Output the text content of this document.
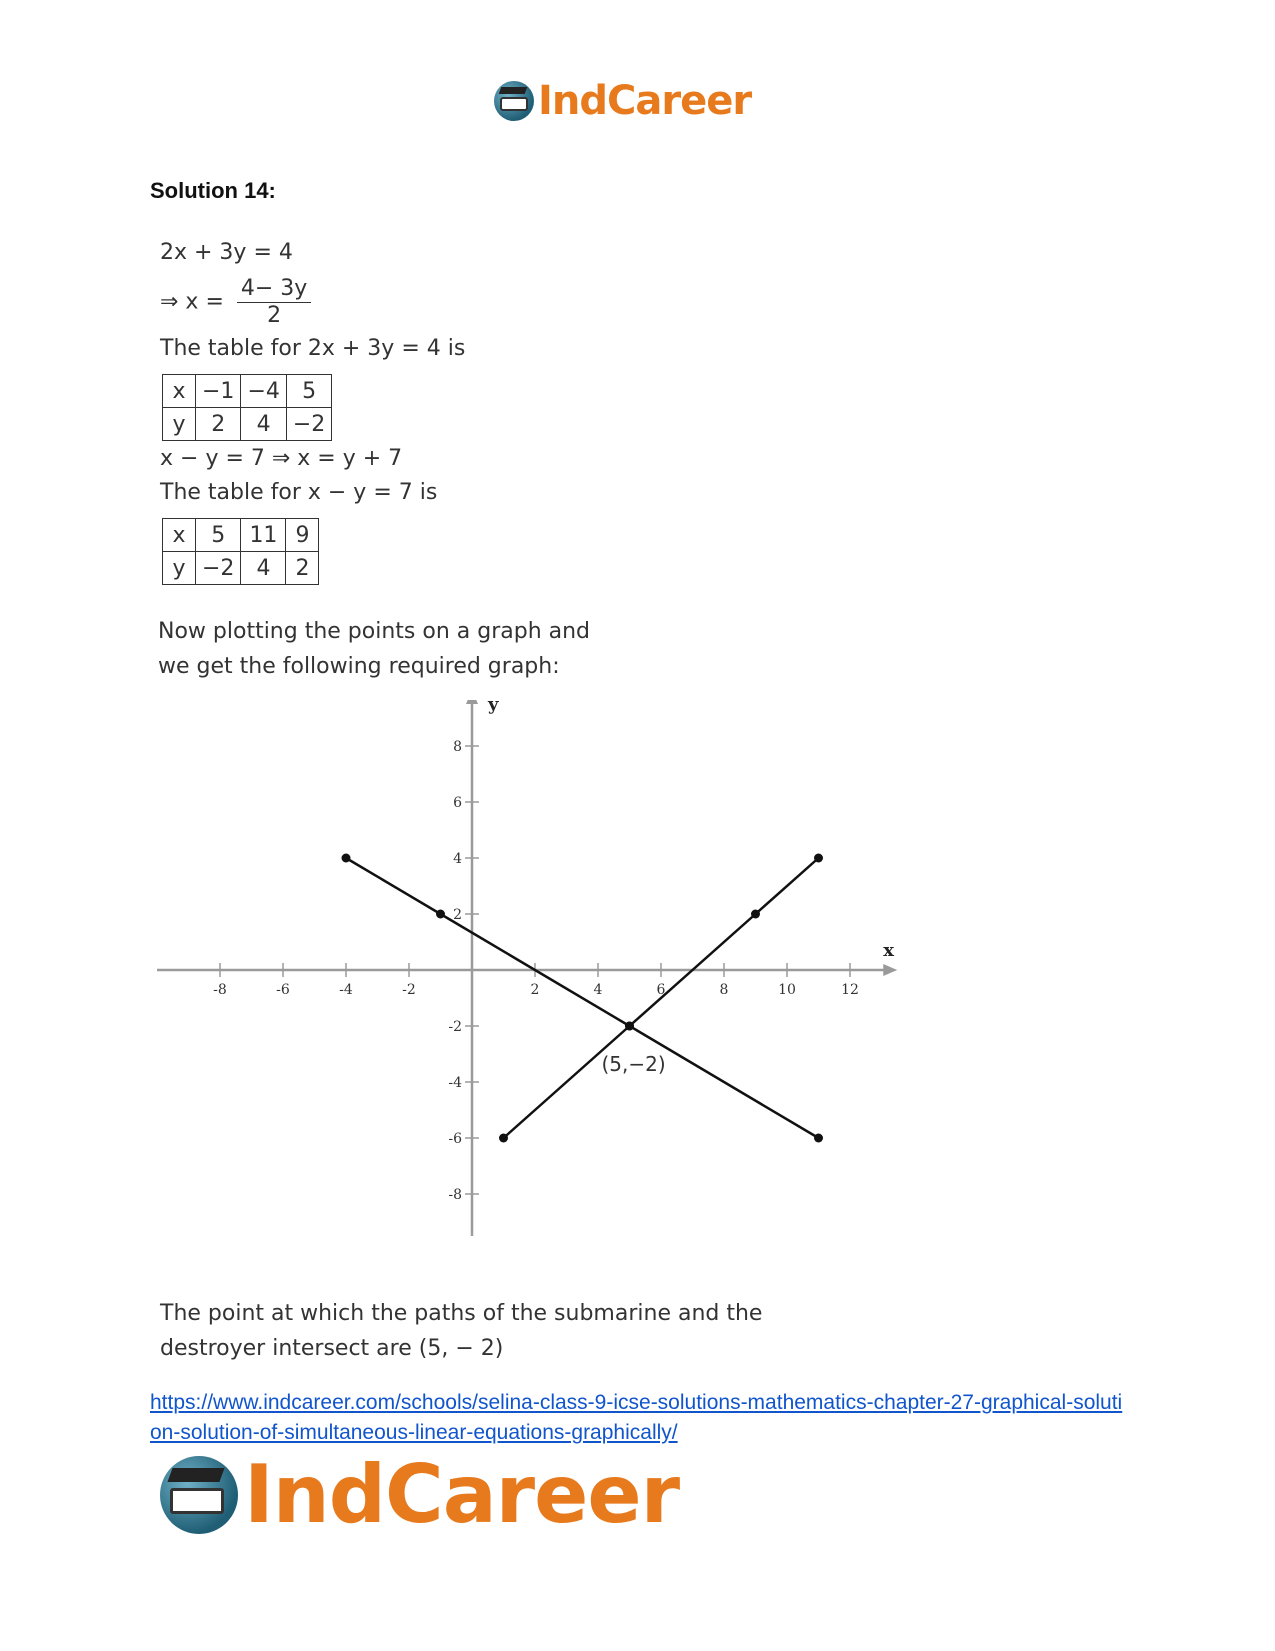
IndCareer
Solution 14:
2x + 3y = 4
⇒ $x = \frac{4- 3y}{2}$
The table for 2x + 3y = 4 is
x	−1	−4	5
y	2	4	−2
x − y = 7 ⇒ x = y + 7
The table for x − y = 7 is
x	5	11	9
y	−2	4	2
Now plotting the points on a graph and
we get the following required graph:
x
y
-8	-6	-4	-2	2	4	6	8	10	12
8
6
4
2
-2
-4
-6
-8
(5,−2)
The point at which the paths of the submarine and the
destroyer intersect are (5, − 2)
https://www.indcareer.com/schools/selina-class-9-icse-solutions-mathematics-chapter-27-graphical-solution-solution-of-simultaneous-linear-equations-graphically/
IndCareer
